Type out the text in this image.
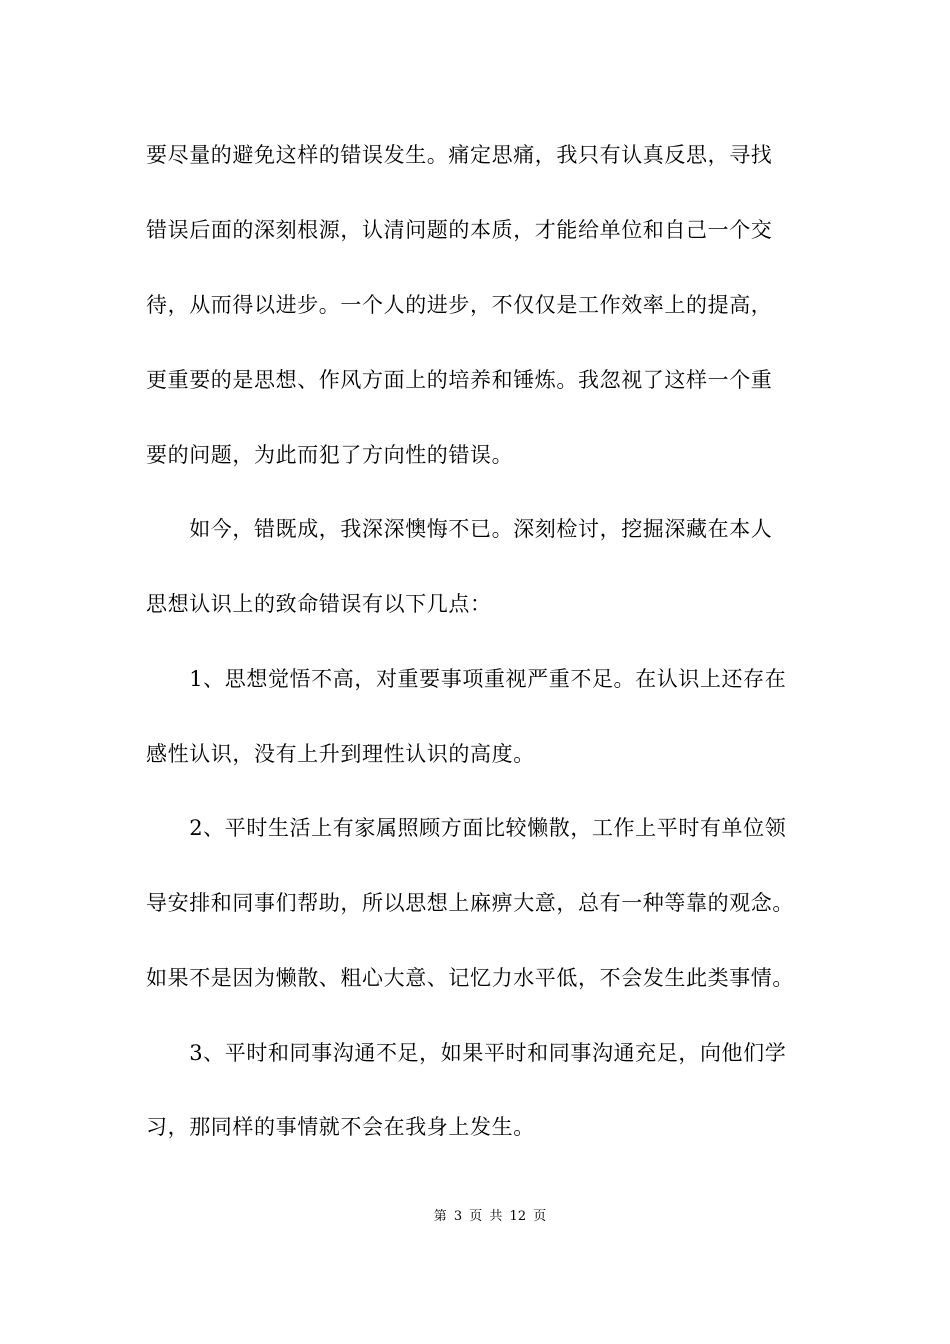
要尽量的避免这样的错误发生。痛定思痛，我只有认真反思，寻找
错误后面的深刻根源，认清问题的本质，才能给单位和自己一个交
待，从而得以进步。一个人的进步，不仅仅是工作效率上的提高，
更重要的是思想、作风方面上的培养和锤炼。我忽视了这样一个重
要的问题，为此而犯了方向性的错误。
　　如今，错既成，我深深懊悔不已。深刻检讨，挖掘深藏在本人
思想认识上的致命错误有以下几点：
　　1、思想觉悟不高，对重要事项重视严重不足。在认识上还存在
感性认识，没有上升到理性认识的高度。
　　2、平时生活上有家属照顾方面比较懒散，工作上平时有单位领
导安排和同事们帮助，所以思想上麻痹大意，总有一种等靠的观念。
如果不是因为懒散、粗心大意、记忆力水平低，不会发生此类事情。
　　3、平时和同事沟通不足，如果平时和同事沟通充足，向他们学
习，那同样的事情就不会在我身上发生。
第 3 页 共 12 页
